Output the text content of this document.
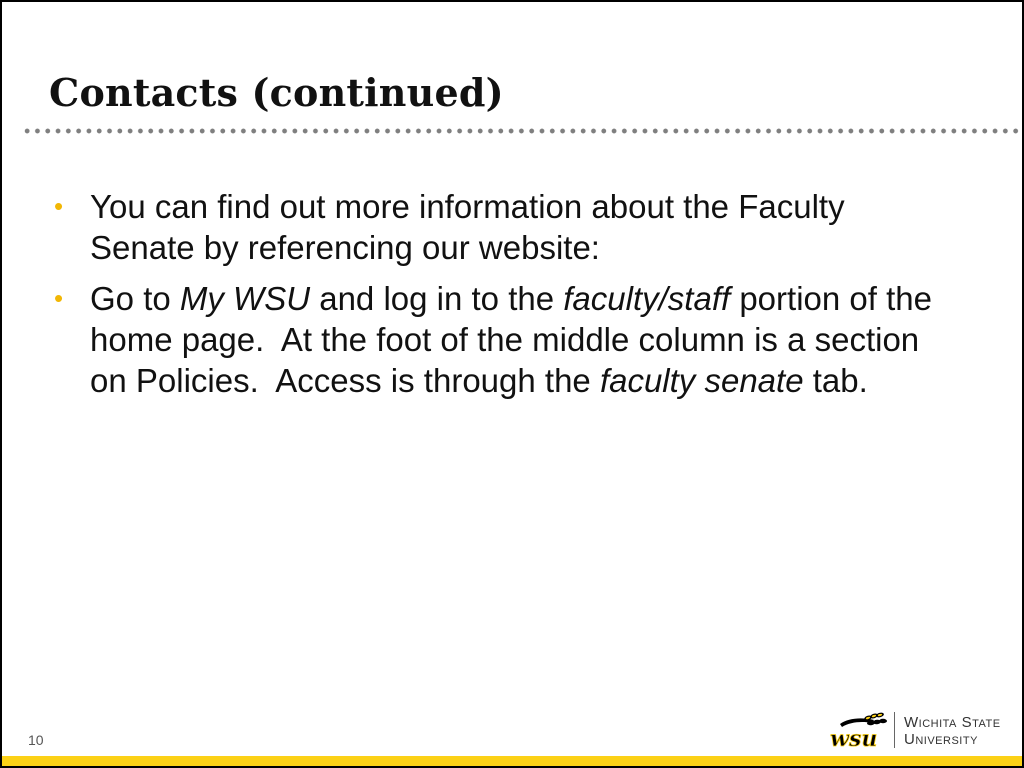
Contacts (continued)
• You can find out more information about the Faculty Senate by referencing our website:
• Go to My WSU and log in to the faculty/staff portion of the home page.  At the foot of the middle column is a section on Policies.  Access is through the faculty senate tab.
10	wsu
Wichita State
University
